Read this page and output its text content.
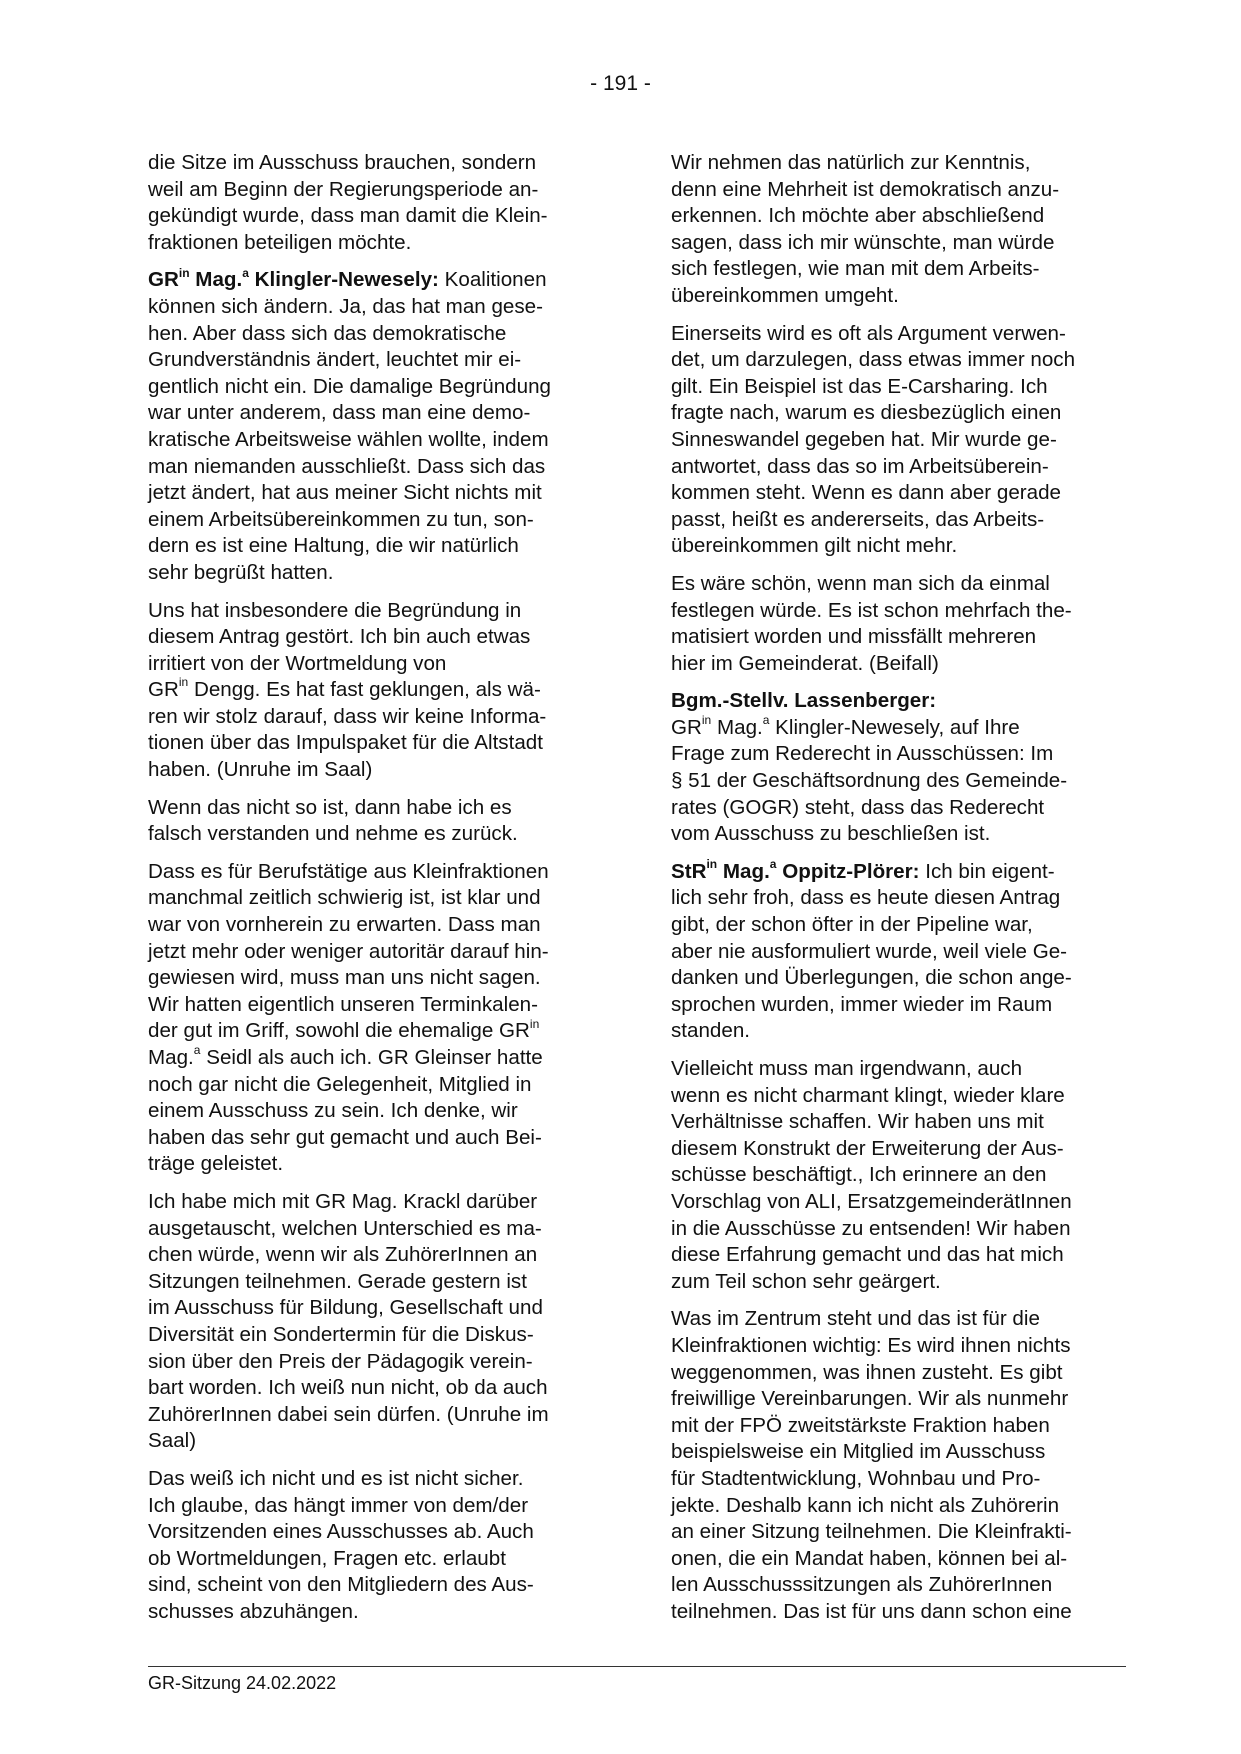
- 191 -

die Sitze im Ausschuss brauchen, sondern
weil am Beginn der Regierungsperiode an-
gekündigt wurde, dass man damit die Klein-
fraktionen beteiligen möchte.

$GR^{in}$ Mag.$^a$ Klingler-Newesely: Koalitionen
können sich ändern. Ja, das hat man gese-
hen. Aber dass sich das demokratische
Grundverständnis ändert, leuchtet mir ei-
gentlich nicht ein. Die damalige Begründung
war unter anderem, dass man eine demo-
kratische Arbeitsweise wählen wollte, indem
man niemanden ausschließt. Dass sich das
jetzt ändert, hat aus meiner Sicht nichts mit
einem Arbeitsübereinkommen zu tun, son-
dern es ist eine Haltung, die wir natürlich
sehr begrüßt hatten.

Uns hat insbesondere die Begründung in
diesem Antrag gestört. Ich bin auch etwas
irritiert von der Wortmeldung von
$GR^{in}$ Dengg. Es hat fast geklungen, als wä-
ren wir stolz darauf, dass wir keine Informa-
tionen über das Impulspaket für die Altstadt
haben. (Unruhe im Saal)

Wenn das nicht so ist, dann habe ich es
falsch verstanden und nehme es zurück.

Dass es für Berufstätige aus Kleinfraktionen
manchmal zeitlich schwierig ist, ist klar und
war von vornherein zu erwarten. Dass man
jetzt mehr oder weniger autoritär darauf hin-
gewiesen wird, muss man uns nicht sagen.
Wir hatten eigentlich unseren Terminkalen-
der gut im Griff, sowohl die ehemalige $GR^{in}$
Mag.$^a$ Seidl als auch ich. GR Gleinser hatte
noch gar nicht die Gelegenheit, Mitglied in
einem Ausschuss zu sein. Ich denke, wir
haben das sehr gut gemacht und auch Bei-
träge geleistet.

Ich habe mich mit GR Mag. Krackl darüber
ausgetauscht, welchen Unterschied es ma-
chen würde, wenn wir als ZuhörerInnen an
Sitzungen teilnehmen. Gerade gestern ist
im Ausschuss für Bildung, Gesellschaft und
Diversität ein Sondertermin für die Diskus-
sion über den Preis der Pädagogik verein-
bart worden. Ich weiß nun nicht, ob da auch
ZuhörerInnen dabei sein dürfen. (Unruhe im
Saal)

Das weiß ich nicht und es ist nicht sicher.
Ich glaube, das hängt immer von dem/der
Vorsitzenden eines Ausschusses ab. Auch
ob Wortmeldungen, Fragen etc. erlaubt
sind, scheint von den Mitgliedern des Aus-
schusses abzuhängen.

Wir nehmen das natürlich zur Kenntnis,
denn eine Mehrheit ist demokratisch anzu-
erkennen. Ich möchte aber abschließend
sagen, dass ich mir wünschte, man würde
sich festlegen, wie man mit dem Arbeits-
übereinkommen umgeht.

Einerseits wird es oft als Argument verwen-
det, um darzulegen, dass etwas immer noch
gilt. Ein Beispiel ist das E-Carsharing. Ich
fragte nach, warum es diesbezüglich einen
Sinneswandel gegeben hat. Mir wurde ge-
antwortet, dass das so im Arbeitsüberein-
kommen steht. Wenn es dann aber gerade
passt, heißt es andererseits, das Arbeits-
übereinkommen gilt nicht mehr.

Es wäre schön, wenn man sich da einmal
festlegen würde. Es ist schon mehrfach the-
matisiert worden und missfällt mehreren
hier im Gemeinderat. (Beifall)

Bgm.-Stellv. Lassenberger:
$GR^{in}$ Mag.$^a$ Klingler-Newesely, auf Ihre
Frage zum Rederecht in Ausschüssen: Im
§ 51 der Geschäftsordnung des Gemeinde-
rates (GOGR) steht, dass das Rederecht
vom Ausschuss zu beschließen ist.

StR$^{in}$ Mag.$^a$ Oppitz-Plörer: Ich bin eigent-
lich sehr froh, dass es heute diesen Antrag
gibt, der schon öfter in der Pipeline war,
aber nie ausformuliert wurde, weil viele Ge-
danken und Überlegungen, die schon ange-
sprochen wurden, immer wieder im Raum
standen.

Vielleicht muss man irgendwann, auch
wenn es nicht charmant klingt, wieder klare
Verhältnisse schaffen. Wir haben uns mit
diesem Konstrukt der Erweiterung der Aus-
schüsse beschäftigt., Ich erinnere an den
Vorschlag von ALI, ErsatzgemeinderätInnen
in die Ausschüsse zu entsenden! Wir haben
diese Erfahrung gemacht und das hat mich
zum Teil schon sehr geärgert.

Was im Zentrum steht und das ist für die
Kleinfraktionen wichtig: Es wird ihnen nichts
weggenommen, was ihnen zusteht. Es gibt
freiwillige Vereinbarungen. Wir als nunmehr
mit der FPÖ zweitstärkste Fraktion haben
beispielsweise ein Mitglied im Ausschuss
für Stadtentwicklung, Wohnbau und Pro-
jekte. Deshalb kann ich nicht als Zuhörerin
an einer Sitzung teilnehmen. Die Kleinfrakti-
onen, die ein Mandat haben, können bei al-
len Ausschusssitzungen als ZuhörerInnen
teilnehmen. Das ist für uns dann schon eine

GR-Sitzung 24.02.2022
